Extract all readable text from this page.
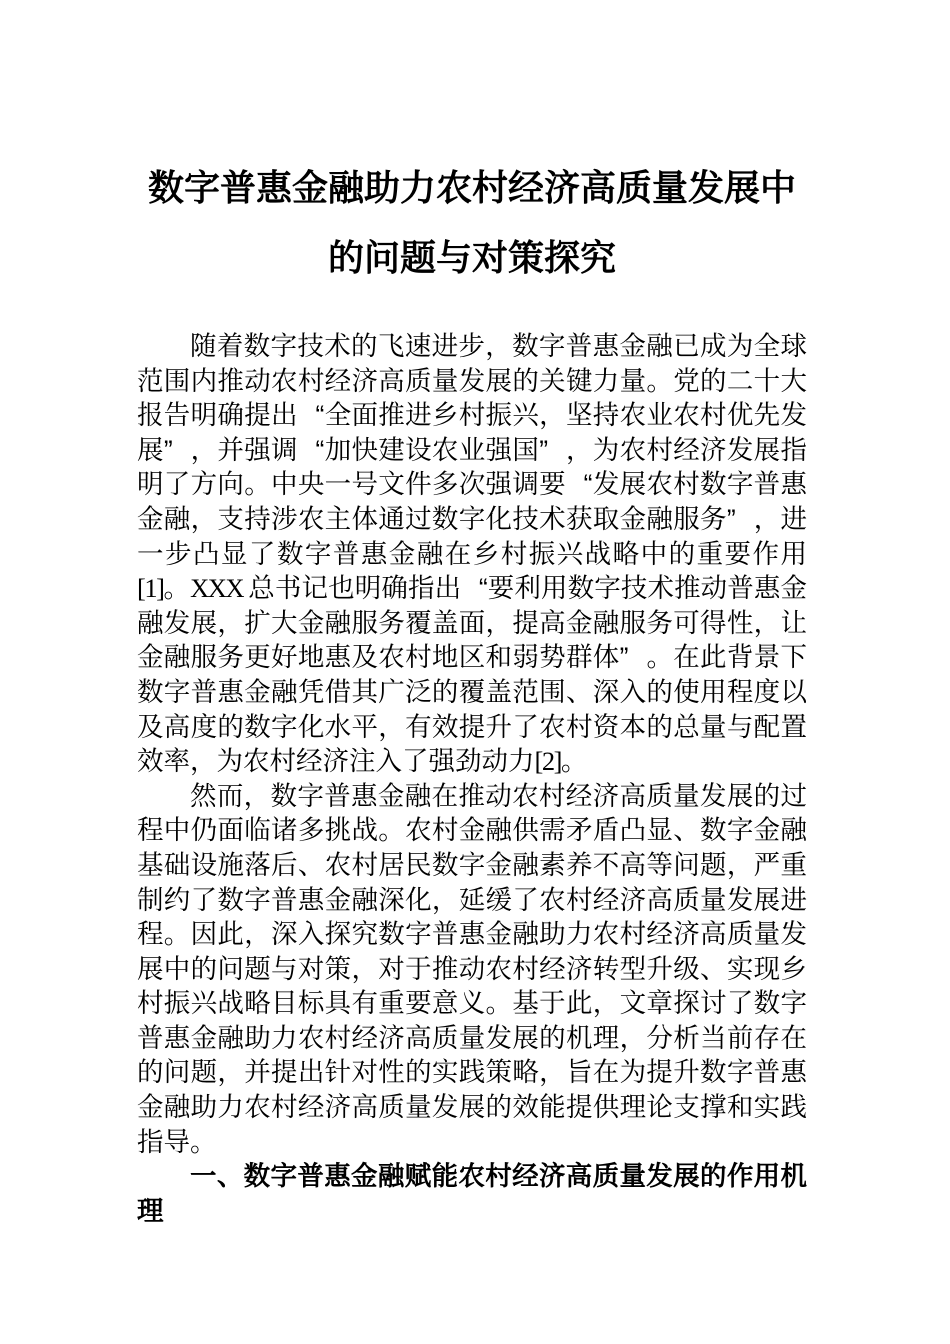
数字普惠金融助力农村经济高质量发展中
的问题与对策探究

随着数字技术的飞速进步，数字普惠金融已成为全球范围内推动农村经济高质量发展的关键力量。党的二十大报告明确提出 “全面推进乡村振兴，坚持农业农村优先发展” ，并强调 “加快建设农业强国” ，为农村经济发展指明了方向。中央一号文件多次强调要 “发展农村数字普惠金融，支持涉农主体通过数字化技术获取金融服务” ，进一步凸显了数字普惠金融在乡村振兴战略中的重要作用[1]。XXX 总书记也明确指出 “要利用数字技术推动普惠金融发展，扩大金融服务覆盖面，提高金融服务可得性，让金融服务更好地惠及农村地区和弱势群体” 。在此背景下数字普惠金融凭借其广泛的覆盖范围、深入的使用程度以及高度的数字化水平，有效提升了农村资本的总量与配置效率，为农村经济注入了强劲动力[2]。

然而，数字普惠金融在推动农村经济高质量发展的过程中仍面临诸多挑战。农村金融供需矛盾凸显、数字金融基础设施落后、农村居民数字金融素养不高等问题，严重制约了数字普惠金融深化，延缓了农村经济高质量发展进程。因此，深入探究数字普惠金融助力农村经济高质量发展中的问题与对策，对于推动农村经济转型升级、实现乡村振兴战略目标具有重要意义。基于此，文章探讨了数字普惠金融助力农村经济高质量发展的机理，分析当前存在的问题，并提出针对性的实践策略，旨在为提升数字普惠金融助力农村经济高质量发展的效能提供理论支撑和实践指导。

一、数字普惠金融赋能农村经济高质量发展的作用机理
